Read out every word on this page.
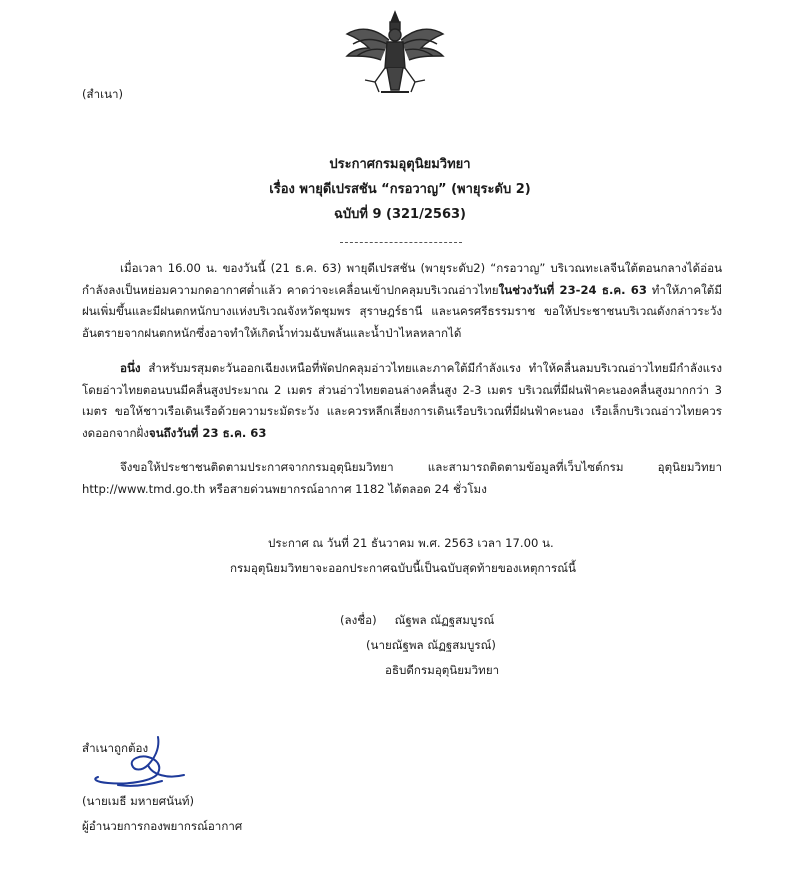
(สำเนา)
ประกาศกรมอุตุนิยมวิทยา
เรื่อง พายุดีเปรสชัน “กรอวาญ” (พายุระดับ 2)
ฉบับที่ 9 (321/2563)
เมื่อเวลา 16.00 น. ของวันนี้ (21 ธ.ค. 63) พายุดีเปรสชัน (พายุระดับ2) “กรอวาญ” บริเวณทะเลจีนใต้ตอนกลางได้อ่อนกำลังลงเป็นหย่อมความกดอากาศต่ำแล้ว คาดว่าจะเคลื่อนเข้าปกคลุมบริเวณอ่าวไทยในช่วงวันที่ 23-24 ธ.ค. 63 ทำให้ภาคใต้มีฝนเพิ่มขึ้นและมีฝนตกหนักบางแห่งบริเวณจังหวัดชุมพร สุราษฎร์ธานี และนครศรีธรรมราช ขอให้ประชาชนบริเวณดังกล่าวระวังอันตรายจากฝนตกหนักซึ่งอาจทำให้เกิดน้ำท่วมฉับพลันและน้ำป่าไหลหลากได้
อนึ่ง สำหรับมรสุมตะวันออกเฉียงเหนือที่พัดปกคลุมอ่าวไทยและภาคใต้มีกำลังแรง ทำให้คลื่นลมบริเวณอ่าวไทยมีกำลังแรง โดยอ่าวไทยตอนบนมีคลื่นสูงประมาณ 2 เมตร ส่วนอ่าวไทยตอนล่างคลื่นสูง 2-3 เมตร บริเวณที่มีฝนฟ้าคะนองคลื่นสูงมากกว่า 3 เมตร ขอให้ชาวเรือเดินเรือด้วยความระมัดระวัง และควรหลีกเลี่ยงการเดินเรือบริเวณที่มีฝนฟ้าคะนอง เรือเล็กบริเวณอ่าวไทยควรงดออกจากฝั่งจนถึงวันที่ 23 ธ.ค. 63
จึงขอให้ประชาชนติดตามประกาศจากกรมอุตุนิยมวิทยา และสามารถติดตามข้อมูลที่เว็บไซต์กรม อุตุนิยมวิทยา http://www.tmd.go.th หรือสายด่วนพยากรณ์อากาศ 1182 ได้ตลอด 24 ชั่วโมง
ประกาศ ณ วันที่ 21 ธันวาคม พ.ศ. 2563 เวลา 17.00 น.
กรมอุตุนิยมวิทยาจะออกประกาศฉบับนี้เป็นฉบับสุดท้ายของเหตุการณ์นี้
(ลงชื่อ) ณัฐพล ณัฏฐสมบูรณ์
(นายณัฐพล ณัฏฐสมบูรณ์)
อธิบดีกรมอุตุนิยมวิทยา
สำเนาถูกต้อง
(นายเมธี มหายศนันท์)
ผู้อำนวยการกองพยากรณ์อากาศ
